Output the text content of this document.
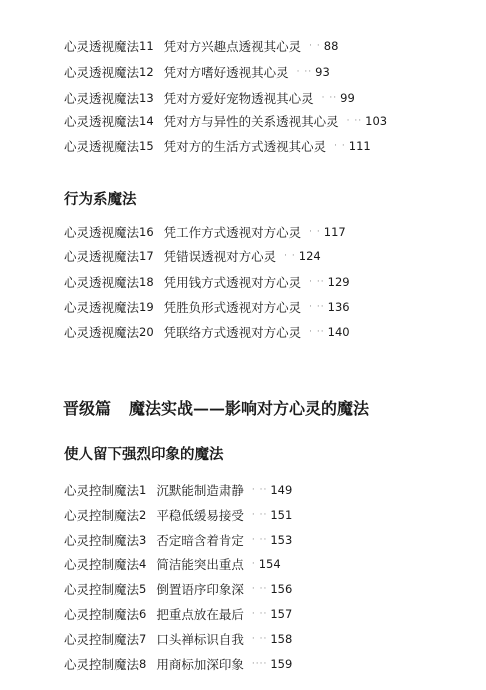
心灵透视魔法 11 凭对方兴趣点透视其心灵 · · 88
心灵透视魔法 12 凭对方嗜好透视其心灵 · ·· 93
心灵透视魔法 13 凭对方爱好宠物透视其心灵 · ·· 99
心灵透视魔法 14 凭对方与异性的关系透视其心灵 · ·· 103
心灵透视魔法 15 凭对方的生活方式透视其心灵 · · 111
行为系魔法
心灵透视魔法 16 凭工作方式透视对方心灵 · · 117
心灵透视魔法 17 凭错误透视对方心灵 · · 124
心灵透视魔法 18 凭用钱方式透视对方心灵 · ·· 129
心灵透视魔法 19 凭胜负形式透视对方心灵 · ·· 136
心灵透视魔法 20 凭联络方式透视对方心灵 · ·· 140
晋级篇 魔法实战——影响对方心灵的魔法
使人留下强烈印象的魔法
心灵控制魔法 1 沉默能制造肃静 · ·· 149
心灵控制魔法 2 平稳低缓易接受 · ·· 151
心灵控制魔法 3 否定暗含着肯定 · ·· 153
心灵控制魔法 4 简洁能突出重点 · 154
心灵控制魔法 5 倒置语序印象深 · ·· 156
心灵控制魔法 6 把重点放在最后 · ·· 157
心灵控制魔法 7 口头禅标识自我 · ·· 158
心灵控制魔法 8 用商标加深印象 ···· 159
